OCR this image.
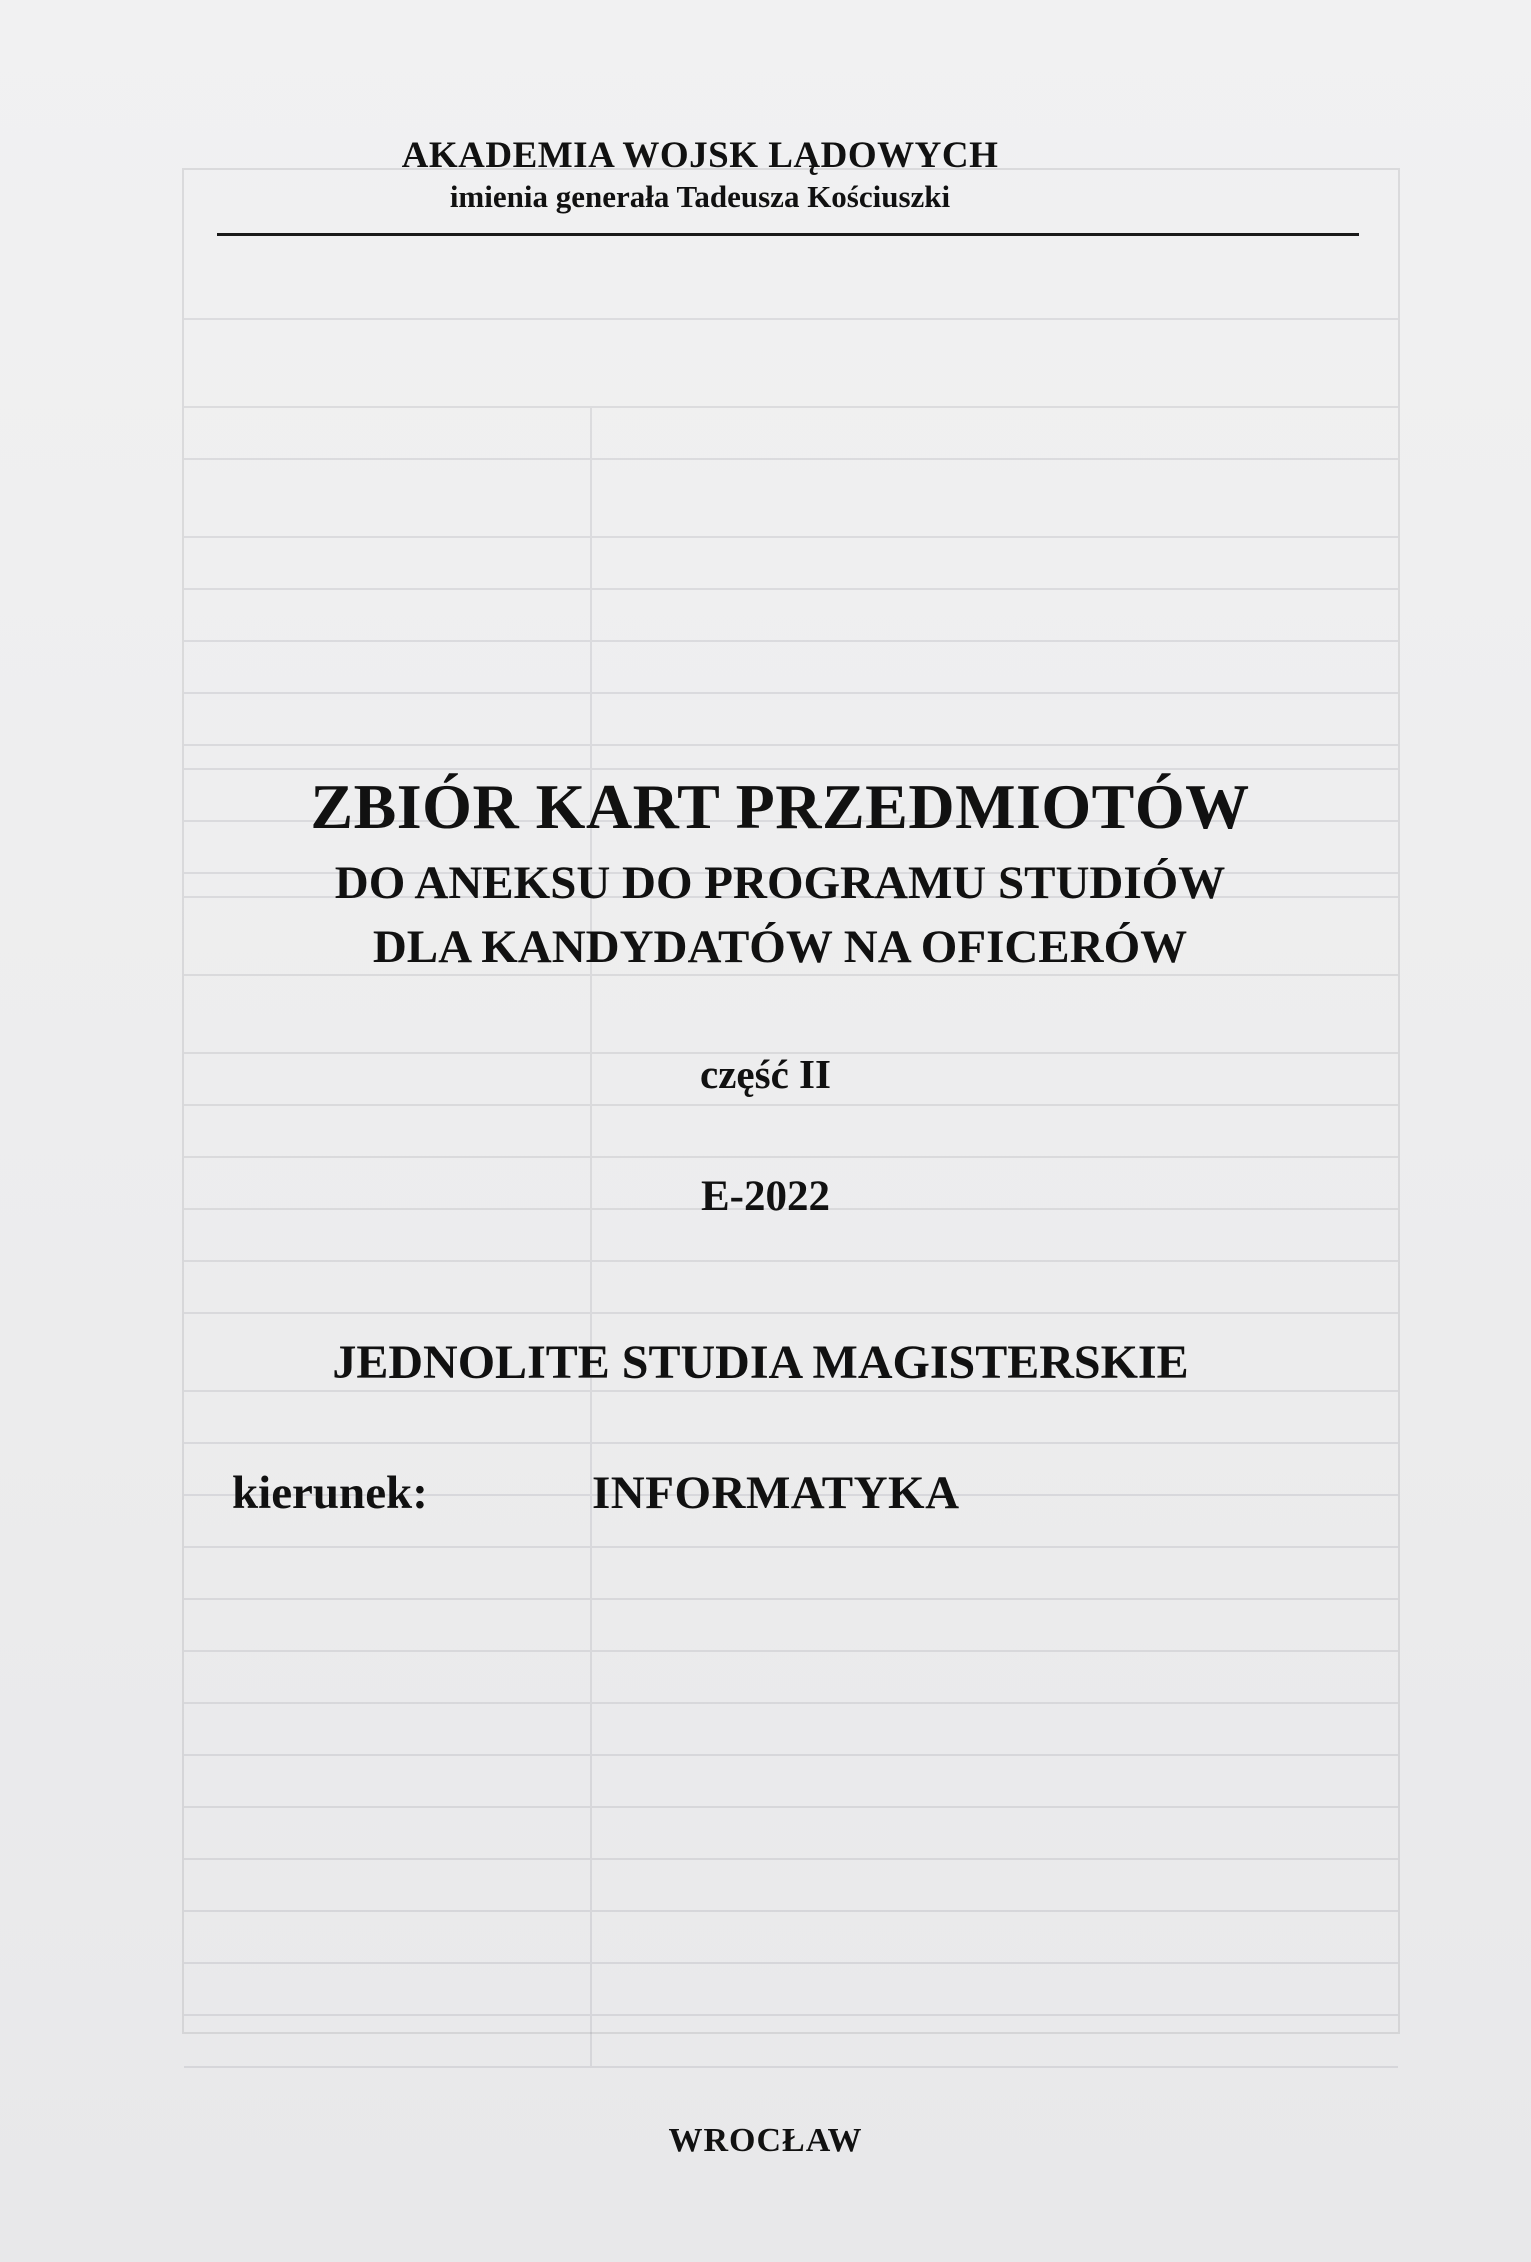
AKADEMIA WOJSK LĄDOWYCH
imienia generała Tadeusza Kościuszki
ZBIÓR KART PRZEDMIOTÓW
DO ANEKSU DO PROGRAMU STUDIÓW
DLA KANDYDATÓW NA OFICERÓW
część II
E-2022
JEDNOLITE STUDIA MAGISTERSKIE
kierunek:	INFORMATYKA
WROCŁAW
